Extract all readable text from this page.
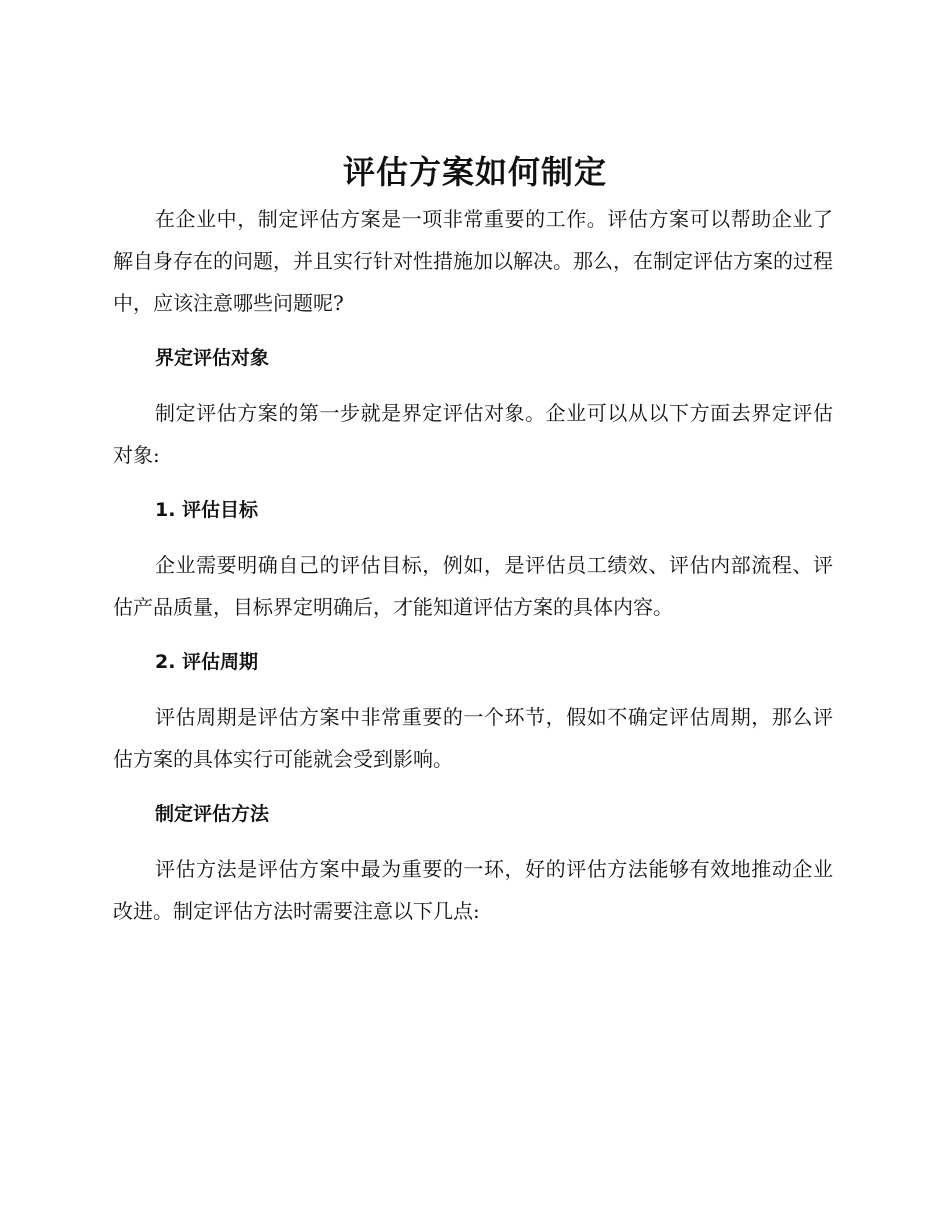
评估方案如何制定

在企业中，制定评估方案是一项非常重要的工作。评估方案可以帮助企业了解自身存在的问题，并且实行针对性措施加以解决。那么，在制定评估方案的过程中，应该注意哪些问题呢?

界定评估对象

制定评估方案的第一步就是界定评估对象。企业可以从以下方面去界定评估对象:

1. 评估目标

企业需要明确自己的评估目标，例如，是评估员工绩效、评估内部流程、评估产品质量，目标界定明确后，才能知道评估方案的具体内容。

2. 评估周期

评估周期是评估方案中非常重要的一个环节，假如不确定评估周期，那么评估方案的具体实行可能就会受到影响。

制定评估方法

评估方法是评估方案中最为重要的一环，好的评估方法能够有效地推动企业改进。制定评估方法时需要注意以下几点:
